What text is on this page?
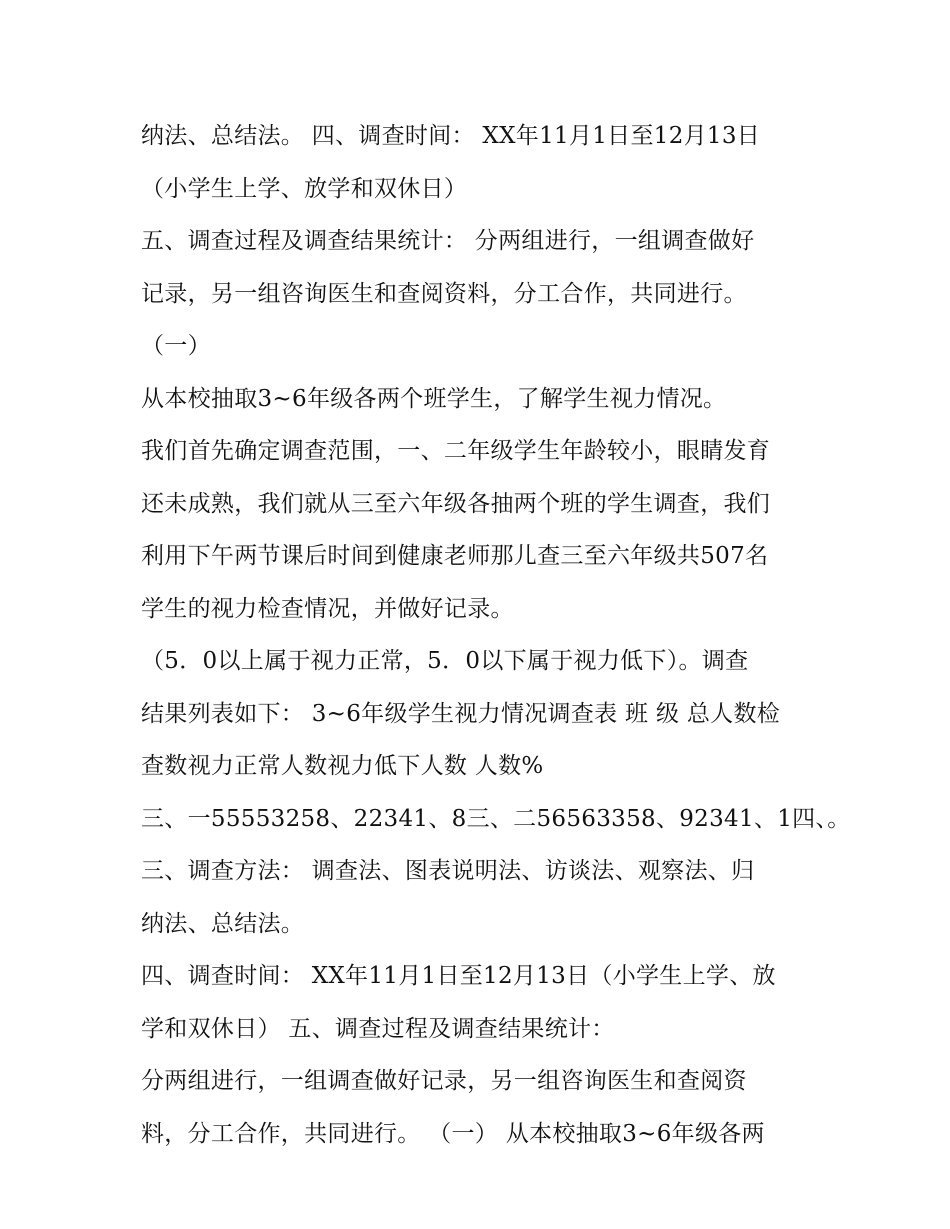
纳法、总结法。 四、调查时间： XX年11月1日至12月13日
（小学生上学、放学和双休日）
五、调查过程及调查结果统计： 分两组进行，一组调查做好
记录，另一组咨询医生和查阅资料，分工合作，共同进行。
（一）
从本校抽取3~6年级各两个班学生，了解学生视力情况。
我们首先确定调查范围，一、二年级学生年龄较小，眼睛发育
还未成熟，我们就从三至六年级各抽两个班的学生调查，我们
利用下午两节课后时间到健康老师那儿查三至六年级共507名
学生的视力检查情况，并做好记录。
（5．0以上属于视力正常，5．0以下属于视力低下）。调查
结果列表如下： 3~6年级学生视力情况调查表 班 级 总人数检
查数视力正常人数视力低下人数 人数%
三、一55553258、22341、8三、二56563358、92341、1四、。
三、调查方法： 调查法、图表说明法、访谈法、观察法、归
纳法、总结法。
四、调查时间： XX年11月1日至12月13日（小学生上学、放
学和双休日） 五、调查过程及调查结果统计：
分两组进行，一组调查做好记录，另一组咨询医生和查阅资
料，分工合作，共同进行。 （一） 从本校抽取3~6年级各两
